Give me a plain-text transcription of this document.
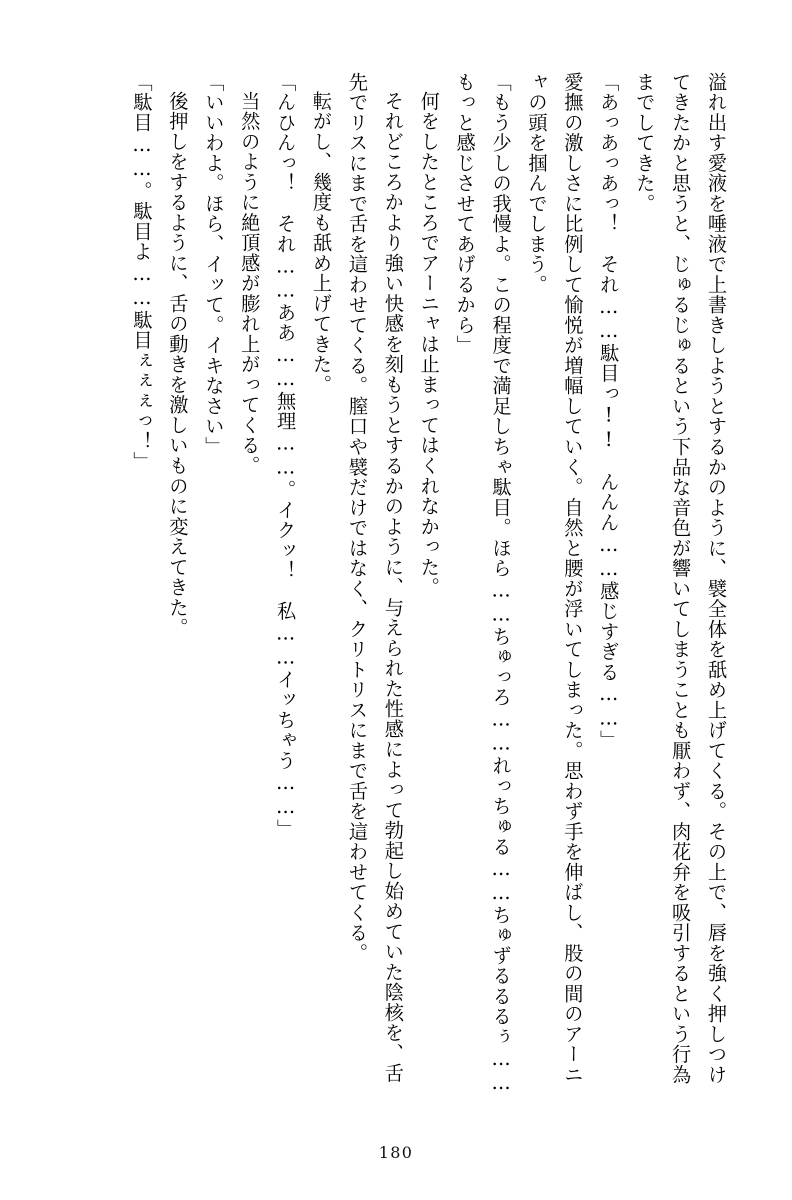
溢れ出す愛液を唾液で上書きしようとするかのように、襞全体を舐め上げてくる。その上で、唇を強く押しつけてきたかと思うと、じゅるじゅるという下品な音色が響いてしまうことも厭わず、肉花弁を吸引するという行為までしてきた。

「あっあっあっ！　それ……駄目っ!!　んんん……感じすぎる……」

愛撫の激しさに比例して愉悦が増幅していく。自然と腰が浮いてしまった。思わず手を伸ばし、股の間のアーニャの頭を掴んでしまう。

「もう少しの我慢よ。この程度で満足しちゃ駄目。ほら……ちゅっろ……れっちゅる……ちゅずるるるぅ……もっと感じさせてあげるから」

何をしたところでアーニャは止まってはくれなかった。

それどころかより強い快感を刻もうとするかのように、与えられた性感によって勃起し始めていた陰核を、舌先でリスにまで舌を這わせてくる。膣口や襞だけではなく、クリトリスにまで舌を這わせてくる。

転がし、幾度も舐め上げてきた。

「んひんっ！　それ……ああ……無理……。イクッ！　私……イッちゃう……」

当然のように絶頂感が膨れ上がってくる。

「いいわよ。ほら、イッて。イキなさい」

後押しをするように、舌の動きを激しいものに変えてきた。

「駄目……。駄目よ……駄目ぇぇぇっ！」

180
